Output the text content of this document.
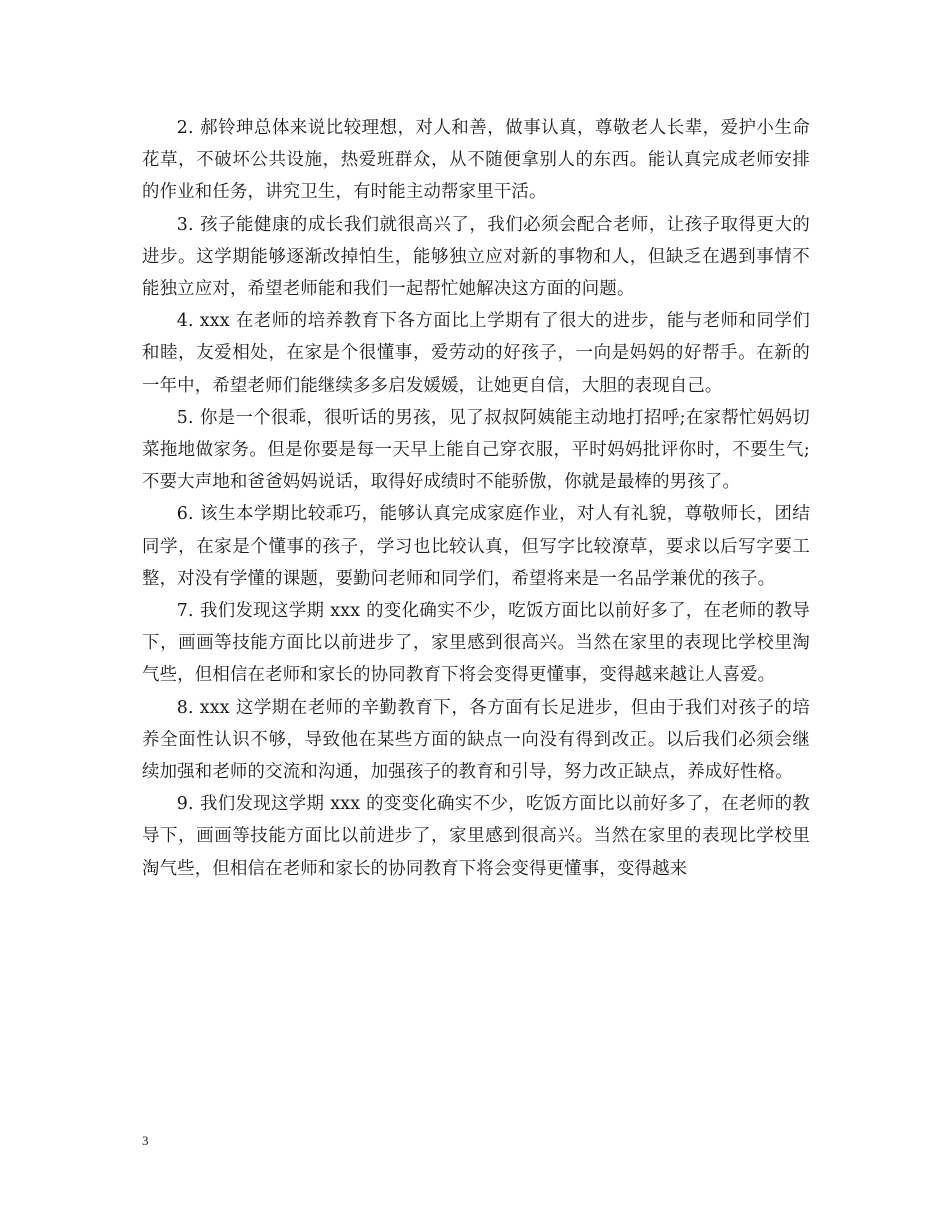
2. 郝铃珅总体来说比较理想，对人和善，做事认真，尊敬老人长辈，爱护小生命花草，不破坏公共设施，热爱班群众，从不随便拿别人的东西。能认真完成老师安排的作业和任务，讲究卫生，有时能主动帮家里干活。

3. 孩子能健康的成长我们就很高兴了，我们必须会配合老师，让孩子取得更大的进步。这学期能够逐渐改掉怕生，能够独立应对新的事物和人，但缺乏在遇到事情不能独立应对，希望老师能和我们一起帮忙她解决这方面的问题。

4. xxx 在老师的培养教育下各方面比上学期有了很大的进步，能与老师和同学们和睦，友爱相处，在家是个很懂事，爱劳动的好孩子，一向是妈妈的好帮手。在新的一年中，希望老师们能继续多多启发媛媛，让她更自信，大胆的表现自己。

5. 你是一个很乖，很听话的男孩，见了叔叔阿姨能主动地打招呼;在家帮忙妈妈切菜拖地做家务。但是你要是每一天早上能自己穿衣服，平时妈妈批评你时，不要生气;不要大声地和爸爸妈妈说话，取得好成绩时不能骄傲，你就是最棒的男孩了。

6. 该生本学期比较乖巧，能够认真完成家庭作业，对人有礼貌，尊敬师长，团结同学，在家是个懂事的孩子，学习也比较认真，但写字比较潦草，要求以后写字要工整，对没有学懂的课题，要勤问老师和同学们，希望将来是一名品学兼优的孩子。

7. 我们发现这学期 xxx 的变化确实不少，吃饭方面比以前好多了，在老师的教导下，画画等技能方面比以前进步了，家里感到很高兴。当然在家里的表现比学校里淘气些，但相信在老师和家长的协同教育下将会变得更懂事，变得越来越让人喜爱。

8. xxx 这学期在老师的辛勤教育下，各方面有长足进步，但由于我们对孩子的培养全面性认识不够，导致他在某些方面的缺点一向没有得到改正。以后我们必须会继续加强和老师的交流和沟通，加强孩子的教育和引导，努力改正缺点，养成好性格。

9. 我们发现这学期 xxx 的变变化确实不少，吃饭方面比以前好多了，在老师的教导下，画画等技能方面比以前进步了，家里感到很高兴。当然在家里的表现比学校里淘气些，但相信在老师和家长的协同教育下将会变得更懂事，变得越来

3
